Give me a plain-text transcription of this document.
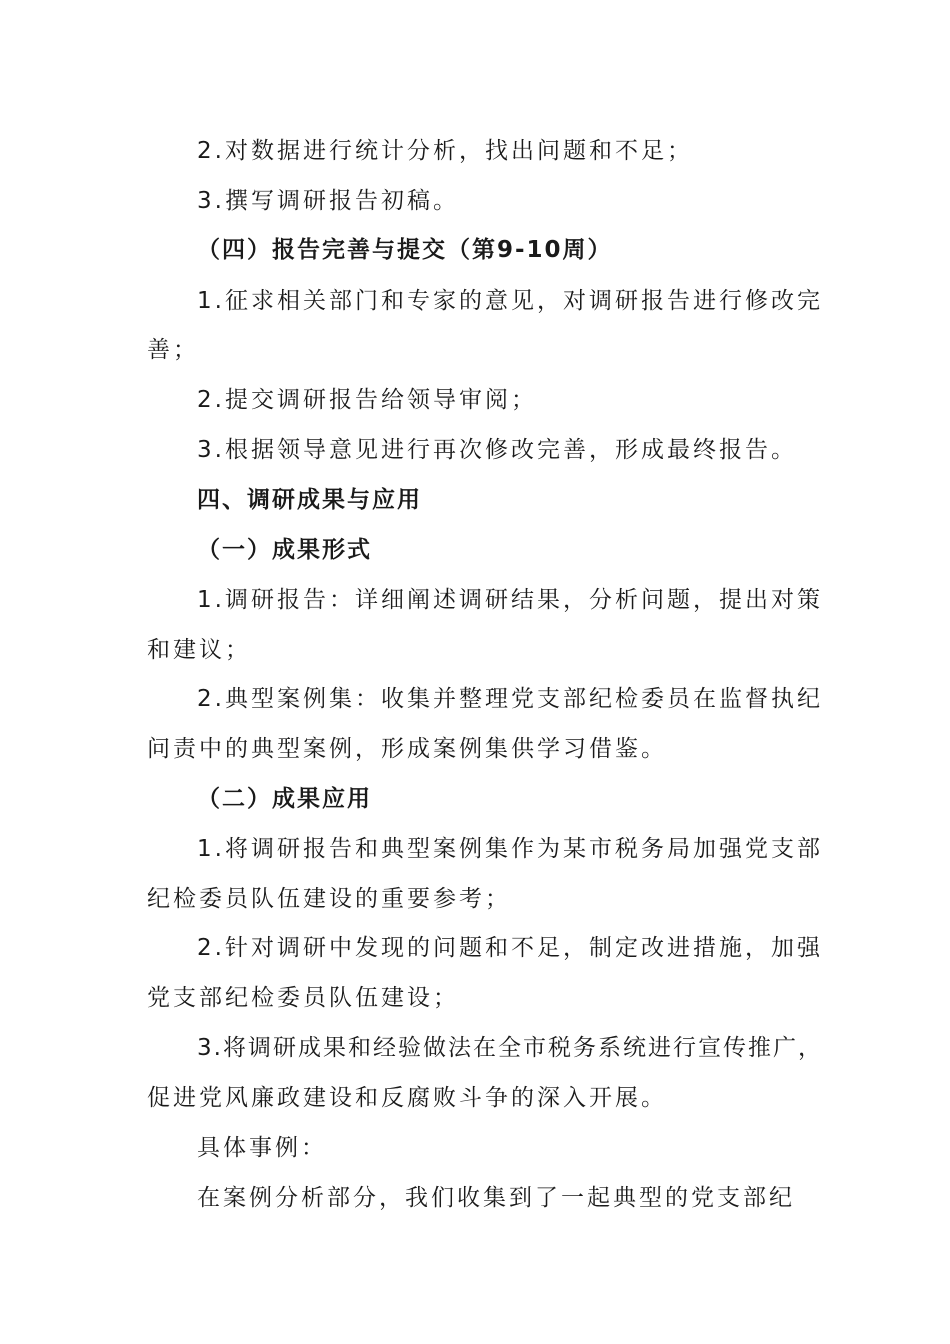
2.对数据进行统计分析，找出问题和不足；
3.撰写调研报告初稿。
（四）报告完善与提交（第9-10周）
1.征求相关部门和专家的意见，对调研报告进行修改完
善；
2.提交调研报告给领导审阅；
3.根据领导意见进行再次修改完善，形成最终报告。
四、调研成果与应用
（一）成果形式
1.调研报告：详细阐述调研结果，分析问题，提出对策
和建议；
2.典型案例集：收集并整理党支部纪检委员在监督执纪
问责中的典型案例，形成案例集供学习借鉴。
（二）成果应用
1.将调研报告和典型案例集作为某市税务局加强党支部
纪检委员队伍建设的重要参考；
2.针对调研中发现的问题和不足，制定改进措施，加强
党支部纪检委员队伍建设；
3.将调研成果和经验做法在全市税务系统进行宣传推广，
促进党风廉政建设和反腐败斗争的深入开展。
具体事例：
在案例分析部分，我们收集到了一起典型的党支部纪
